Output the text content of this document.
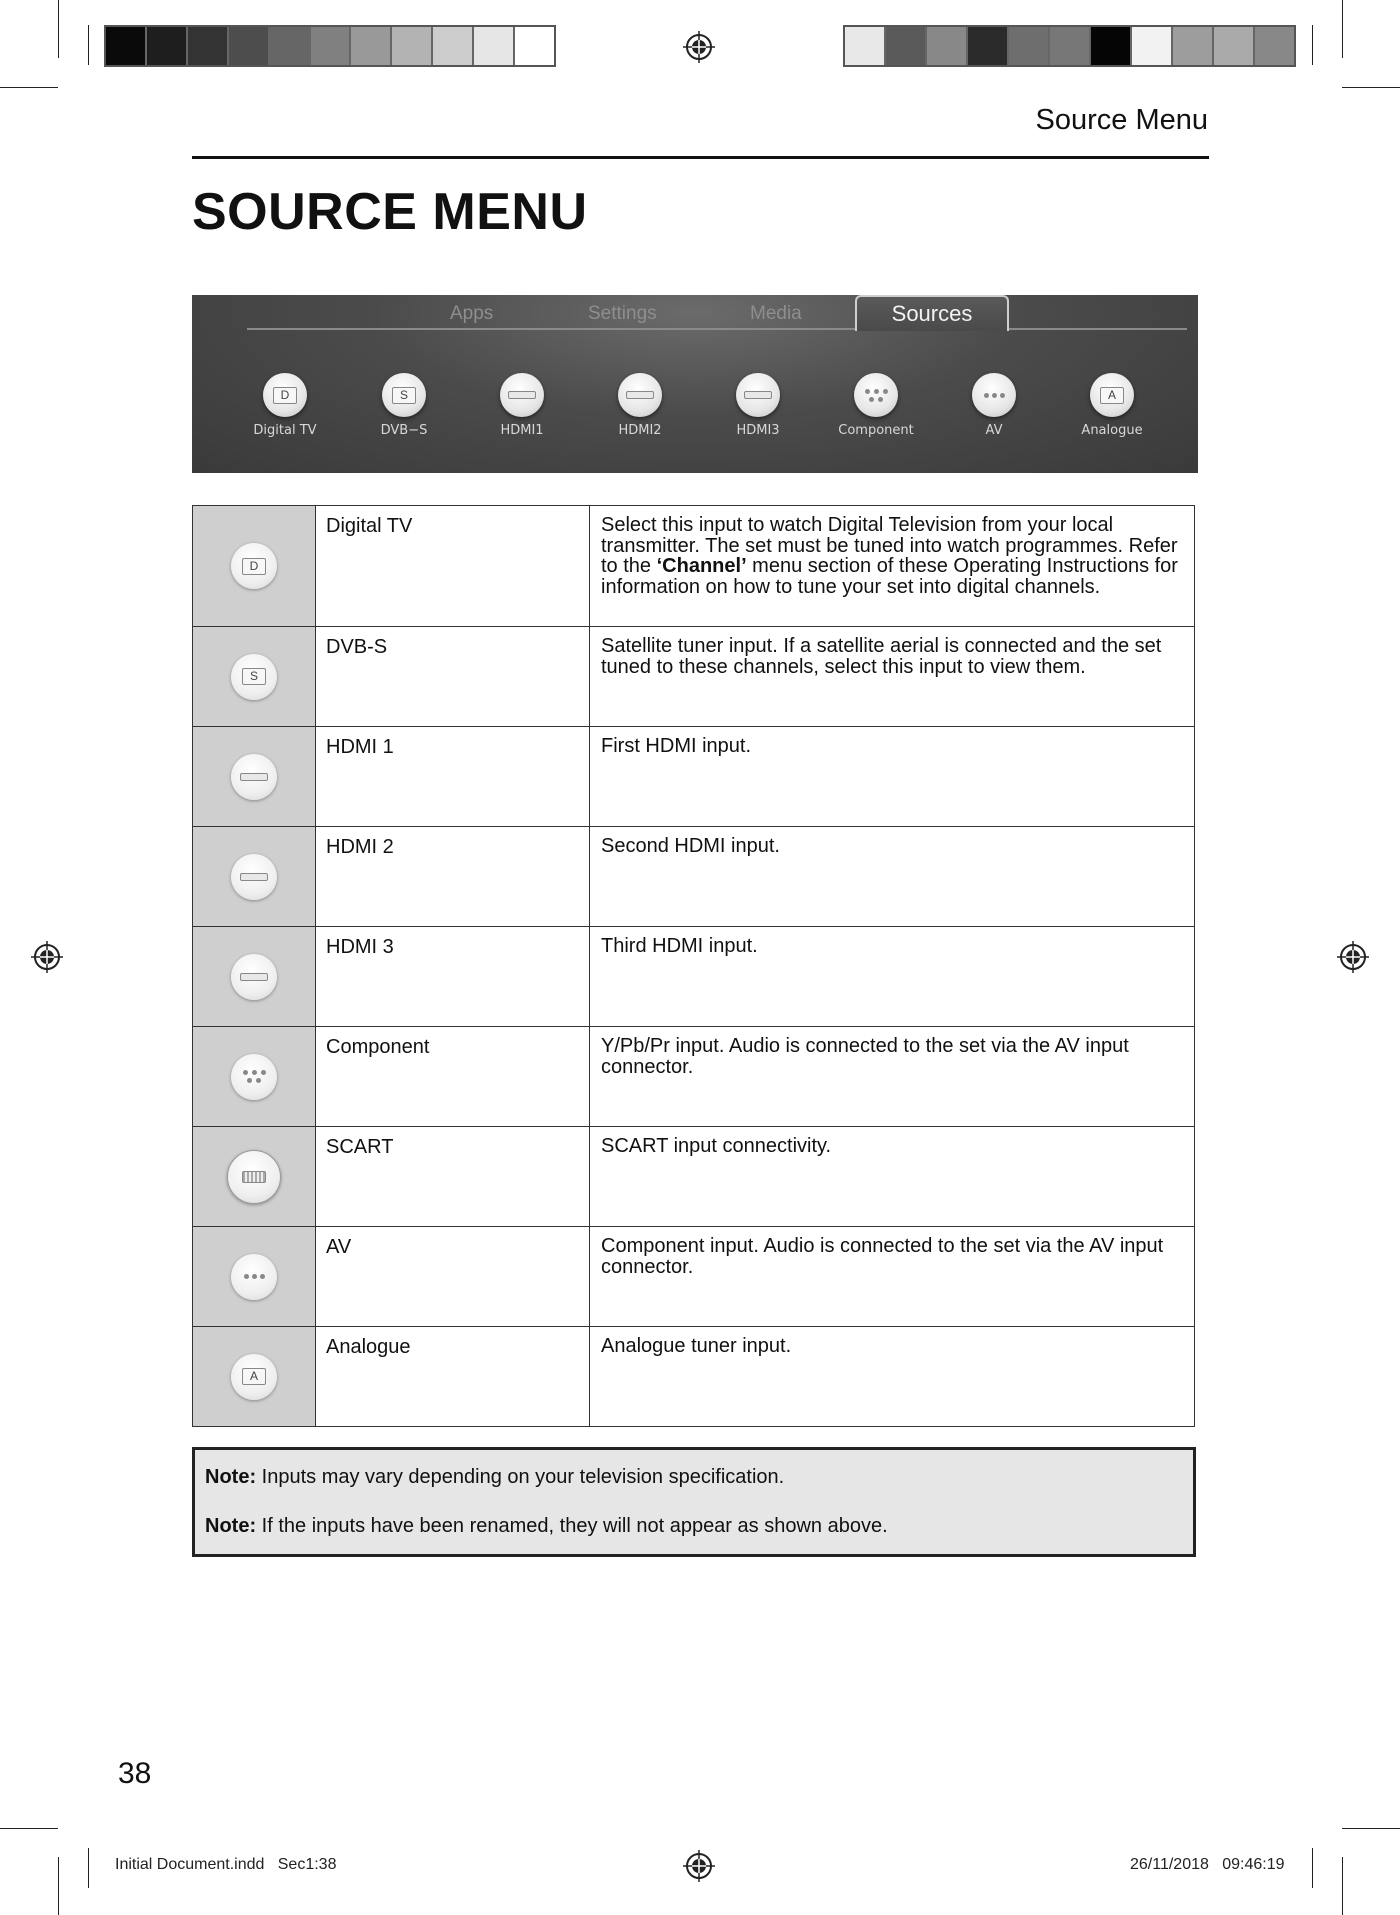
Source Menu
SOURCE MENU
Apps	Settings	Media	Sources
D
Digital TV
S
DVB−S	HDMI1	HDMI2	HDMI3	Component	AV
A
Analogue
D	Digital TV	Select this input to watch Digital Television from your local transmitter. The set must be tuned into watch programmes. Refer to the ‘Channel’ menu section of these Operating Instructions for information on how to tune your set into digital channels.

S	DVB-S	Satellite tuner input. If a satellite aerial is connected and the set tuned to these channels, select this input to view them.

	HDMI 1	First HDMI input.

	HDMI 2	Second HDMI input.

	HDMI 3	Third HDMI input.

	Component	Y/Pb/Pr input. Audio is connected to the set via the AV input connector.

	SCART	SCART input connectivity.

	AV	Component input. Audio is connected to the set via the AV input connector.

A	Analogue	Analogue tuner input.
Note: Inputs may vary depending on your television specification.
Note: If the inputs have been renamed, they will not appear as shown above.
38
Initial Document.indd   Sec1:38	26/11/2018   09:46:19
